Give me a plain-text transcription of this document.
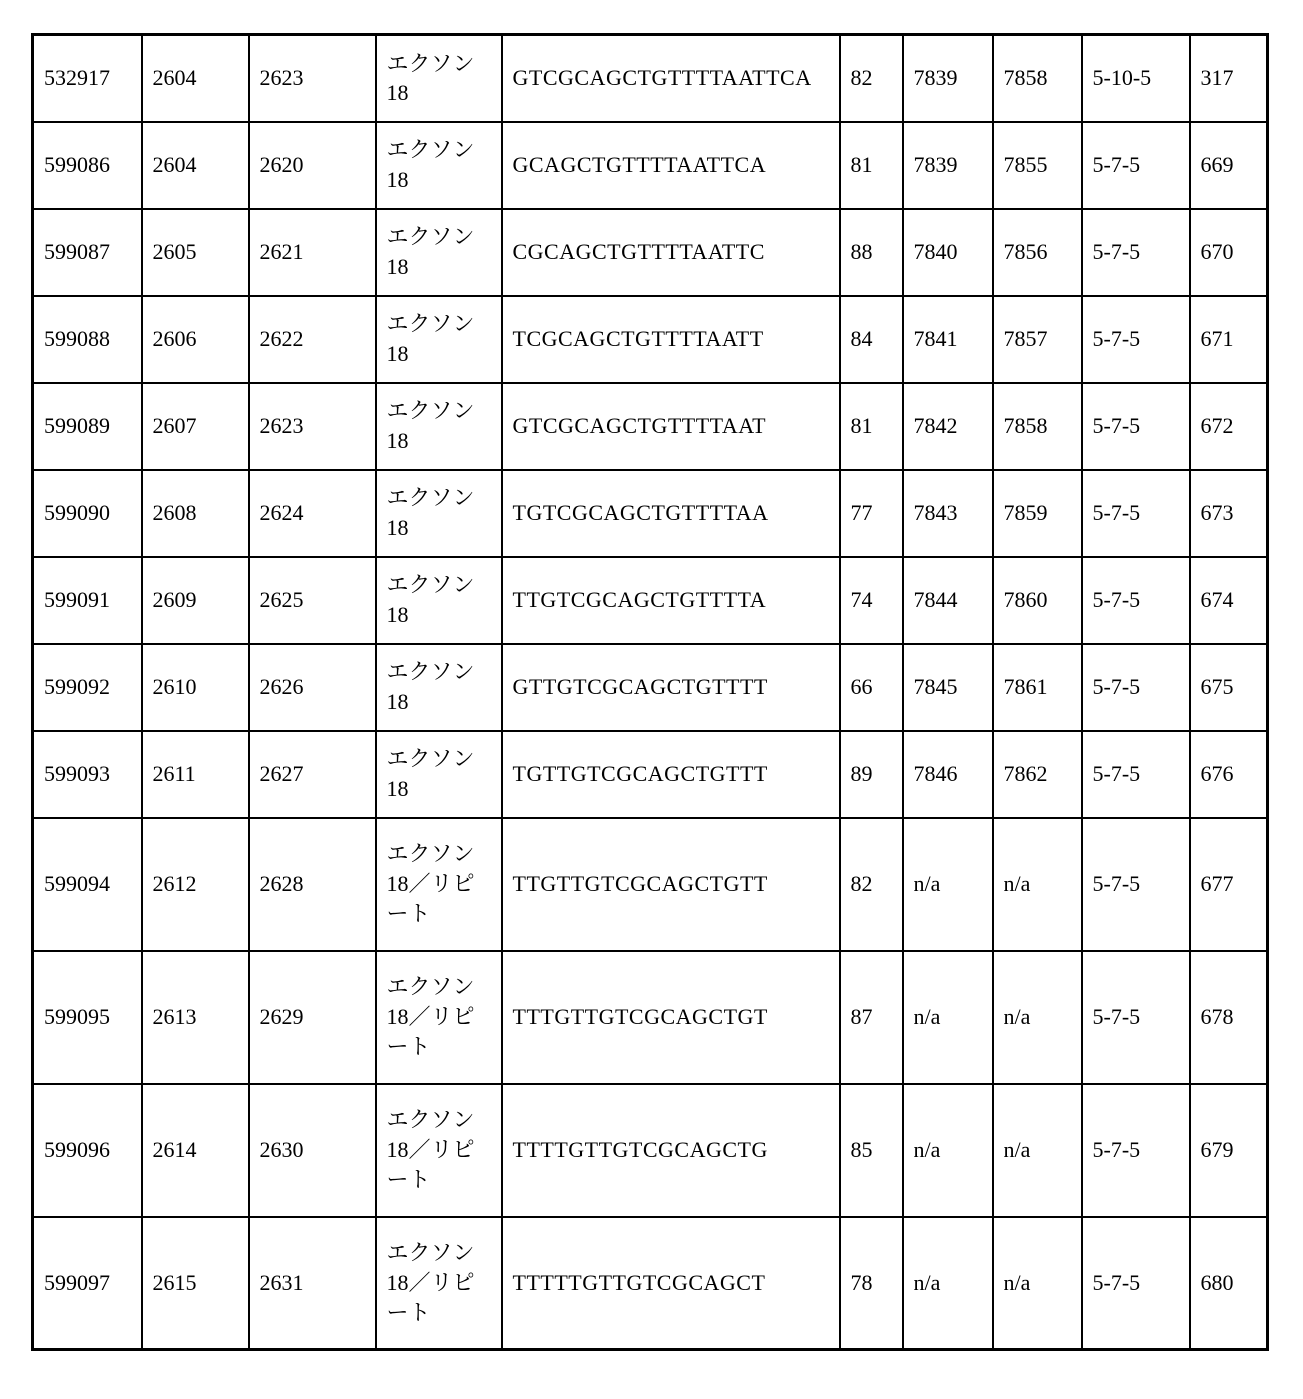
532917	2604	2623	エクソン18	GTCGCAGCTGTTTTAATTCA	82	7839	7858	5-10-5	317
599086	2604	2620	エクソン18	GCAGCTGTTTTAATTCA	81	7839	7855	5-7-5	669
599087	2605	2621	エクソン18	CGCAGCTGTTTTAATTC	88	7840	7856	5-7-5	670
599088	2606	2622	エクソン18	TCGCAGCTGTTTTAATT	84	7841	7857	5-7-5	671
599089	2607	2623	エクソン18	GTCGCAGCTGTTTTAAT	81	7842	7858	5-7-5	672
599090	2608	2624	エクソン18	TGTCGCAGCTGTTTTAA	77	7843	7859	5-7-5	673
599091	2609	2625	エクソン18	TTGTCGCAGCTGTTTTA	74	7844	7860	5-7-5	674
599092	2610	2626	エクソン18	GTTGTCGCAGCTGTTTT	66	7845	7861	5-7-5	675
599093	2611	2627	エクソン18	TGTTGTCGCAGCTGTTT	89	7846	7862	5-7-5	676
599094	2612	2628	エクソン18／リピート	TTGTTGTCGCAGCTGTT	82	n/a	n/a	5-7-5	677
599095	2613	2629	エクソン18／リピート	TTTGTTGTCGCAGCTGT	87	n/a	n/a	5-7-5	678
599096	2614	2630	エクソン18／リピート	TTTTGTTGTCGCAGCTG	85	n/a	n/a	5-7-5	679
599097	2615	2631	エクソン18／リピート	TTTTTGTTGTCGCAGCT	78	n/a	n/a	5-7-5	680
